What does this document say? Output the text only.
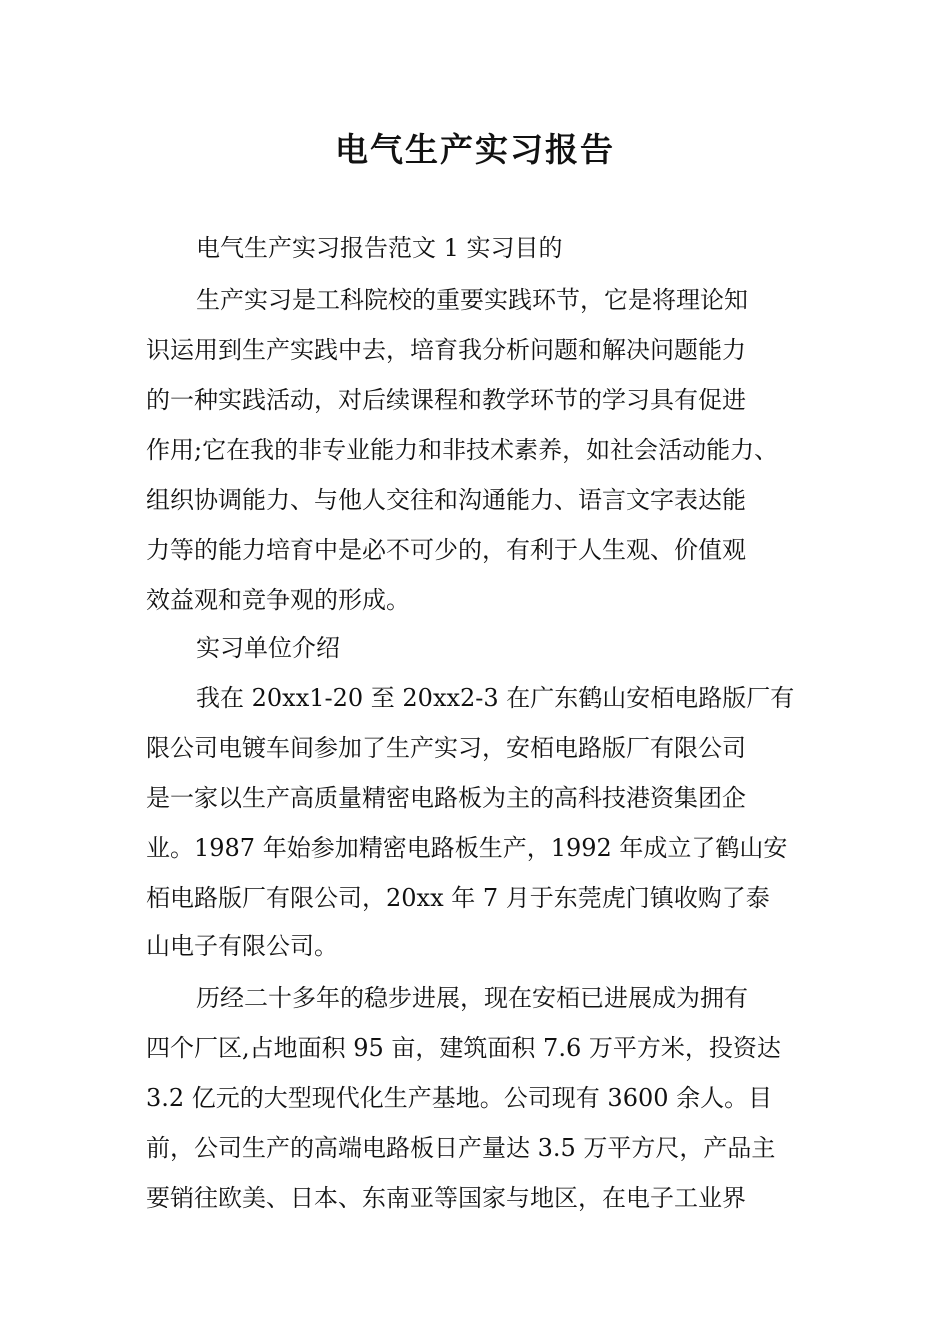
电气生产实习报告

电气生产实习报告范文 1 实习目的

生产实习是工科院校的重要实践环节，它是将理论知

识运用到生产实践中去，培育我分析问题和解决问题能力

的一种实践活动，对后续课程和教学环节的学习具有促进

作用;它在我的非专业能力和非技术素养，如社会活动能力、

组织协调能力、与他人交往和沟通能力、语言文字表达能

力等的能力培育中是必不可少的，有利于人生观、价值观

效益观和竞争观的形成。

实习单位介绍

我在 20xx1-20 至 20xx2-3 在广东鹤山安栢电路版厂有

限公司电镀车间参加了生产实习，安栢电路版厂有限公司

是一家以生产高质量精密电路板为主的高科技港资集团企

业。1987 年始参加精密电路板生产，1992 年成立了鹤山安

栢电路版厂有限公司，20xx 年 7 月于东莞虎门镇收购了泰

山电子有限公司。

历经二十多年的稳步进展，现在安栢已进展成为拥有

四个厂区,占地面积 95 亩，建筑面积 7.6 万平方米，投资达

3.2 亿元的大型现代化生产基地。公司现有 3600 余人。目

前，公司生产的高端电路板日产量达 3.5 万平方尺，产品主

要销往欧美、日本、东南亚等国家与地区，在电子工业界
